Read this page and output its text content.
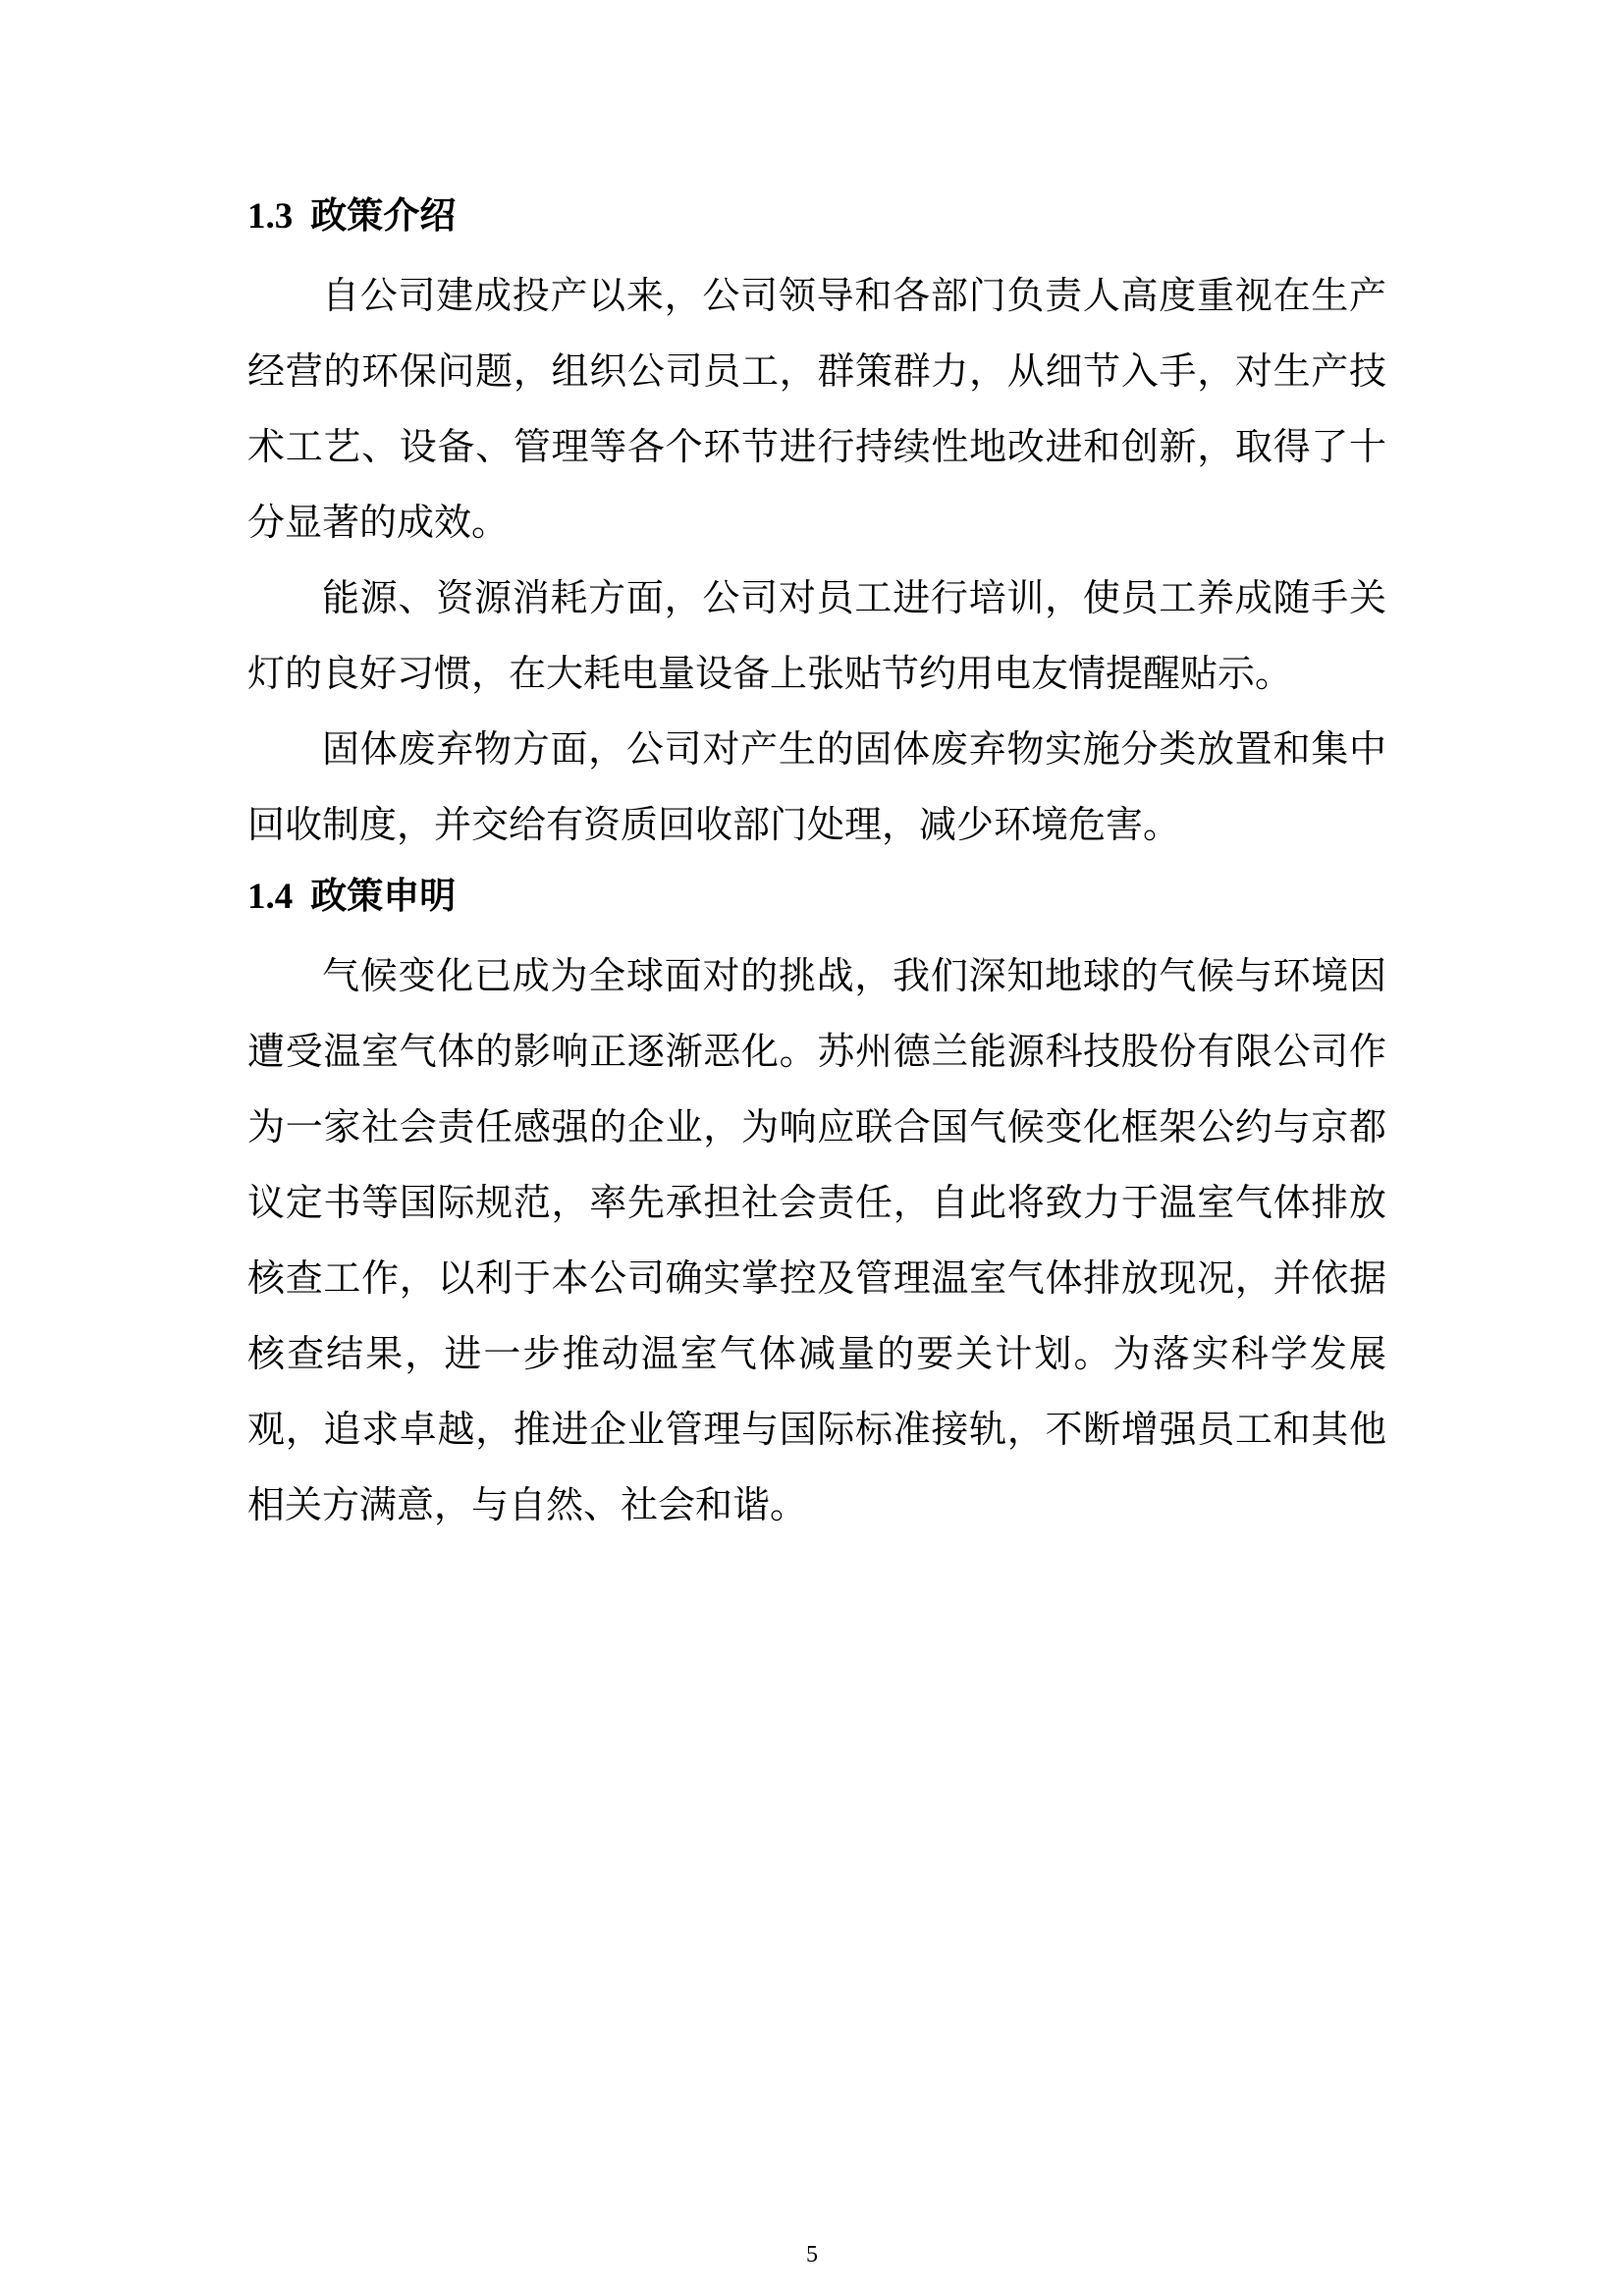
1.3 政策介绍

自公司建成投产以来，公司领导和各部门负责人高度重视在生产经营的环保问题，组织公司员工，群策群力，从细节入手，对生产技术工艺、设备、管理等各个环节进行持续性地改进和创新，取得了十分显著的成效。

能源、资源消耗方面，公司对员工进行培训，使员工养成随手关灯的良好习惯，在大耗电量设备上张贴节约用电友情提醒贴示。

固体废弃物方面，公司对产生的固体废弃物实施分类放置和集中回收制度，并交给有资质回收部门处理，减少环境危害。

1.4 政策申明

气候变化已成为全球面对的挑战，我们深知地球的气候与环境因遭受温室气体的影响正逐渐恶化。苏州德兰能源科技股份有限公司作为一家社会责任感强的企业，为响应联合国气候变化框架公约与京都议定书等国际规范，率先承担社会责任，自此将致力于温室气体排放核查工作，以利于本公司确实掌控及管理温室气体排放现况，并依据核查结果，进一步推动温室气体减量的要关计划。为落实科学发展观，追求卓越，推进企业管理与国际标准接轨，不断增强员工和其他相关方满意，与自然、社会和谐。

5
